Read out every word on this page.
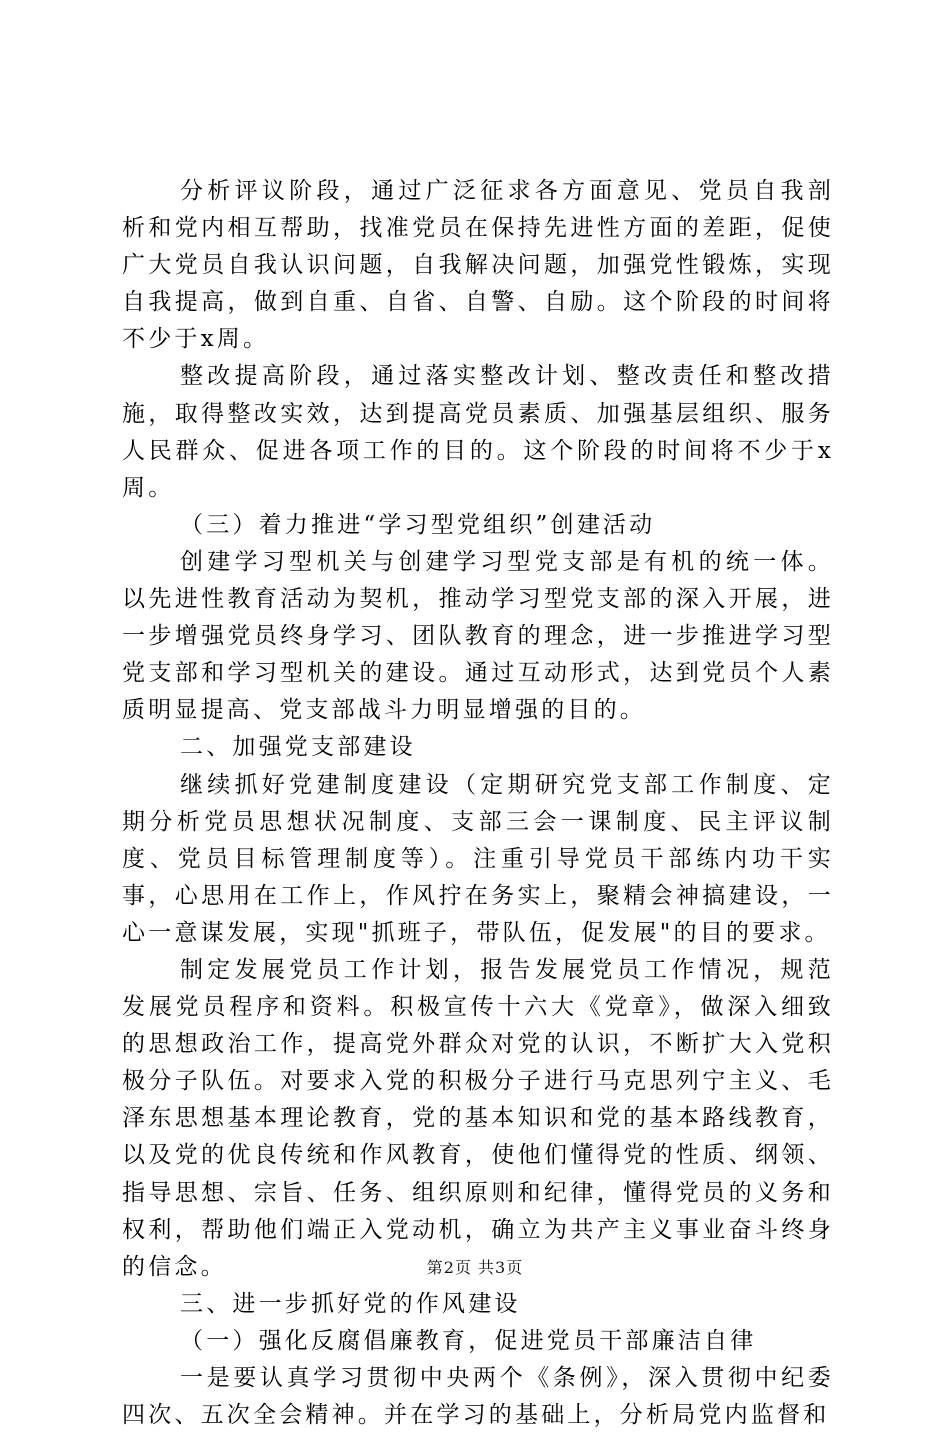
分析评议阶段，通过广泛征求各方面意见、党员自我剖析和党内相互帮助，找准党员在保持先进性方面的差距，促使广大党员自我认识问题，自我解决问题，加强党性锻炼，实现自我提高，做到自重、自省、自警、自励。这个阶段的时间将不少于x周。

整改提高阶段，通过落实整改计划、整改责任和整改措施，取得整改实效，达到提高党员素质、加强基层组织、服务人民群众、促进各项工作的目的。这个阶段的时间将不少于x周。

（三）着力推进“学习型党组织”创建活动

创建学习型机关与创建学习型党支部是有机的统一体。以先进性教育活动为契机，推动学习型党支部的深入开展，进一步增强党员终身学习、团队教育的理念，进一步推进学习型党支部和学习型机关的建设。通过互动形式，达到党员个人素质明显提高、党支部战斗力明显增强的目的。

二、加强党支部建设

继续抓好党建制度建设（定期研究党支部工作制度、定期分析党员思想状况制度、支部三会一课制度、民主评议制度、党员目标管理制度等）。注重引导党员干部练内功干实事，心思用在工作上，作风拧在务实上，聚精会神搞建设，一心一意谋发展，实现"抓班子，带队伍，促发展"的目的要求。

制定发展党员工作计划，报告发展党员工作情况，规范发展党员程序和资料。积极宣传十六大《党章》，做深入细致的思想政治工作，提高党外群众对党的认识，不断扩大入党积极分子队伍。对要求入党的积极分子进行马克思列宁主义、毛泽东思想基本理论教育，党的基本知识和党的基本路线教育，以及党的优良传统和作风教育，使他们懂得党的性质、纲领、指导思想、宗旨、任务、组织原则和纪律，懂得党员的义务和权利，帮助他们端正入党动机，确立为共产主义事业奋斗终身的信念。

三、进一步抓好党的作风建设

（一）强化反腐倡廉教育，促进党员干部廉洁自律

一是要认真学习贯彻中央两个《条例》，深入贯彻中纪委四次、五次全会精神。并在学习的基础上，分析局党内监督和

第2页 共3页
